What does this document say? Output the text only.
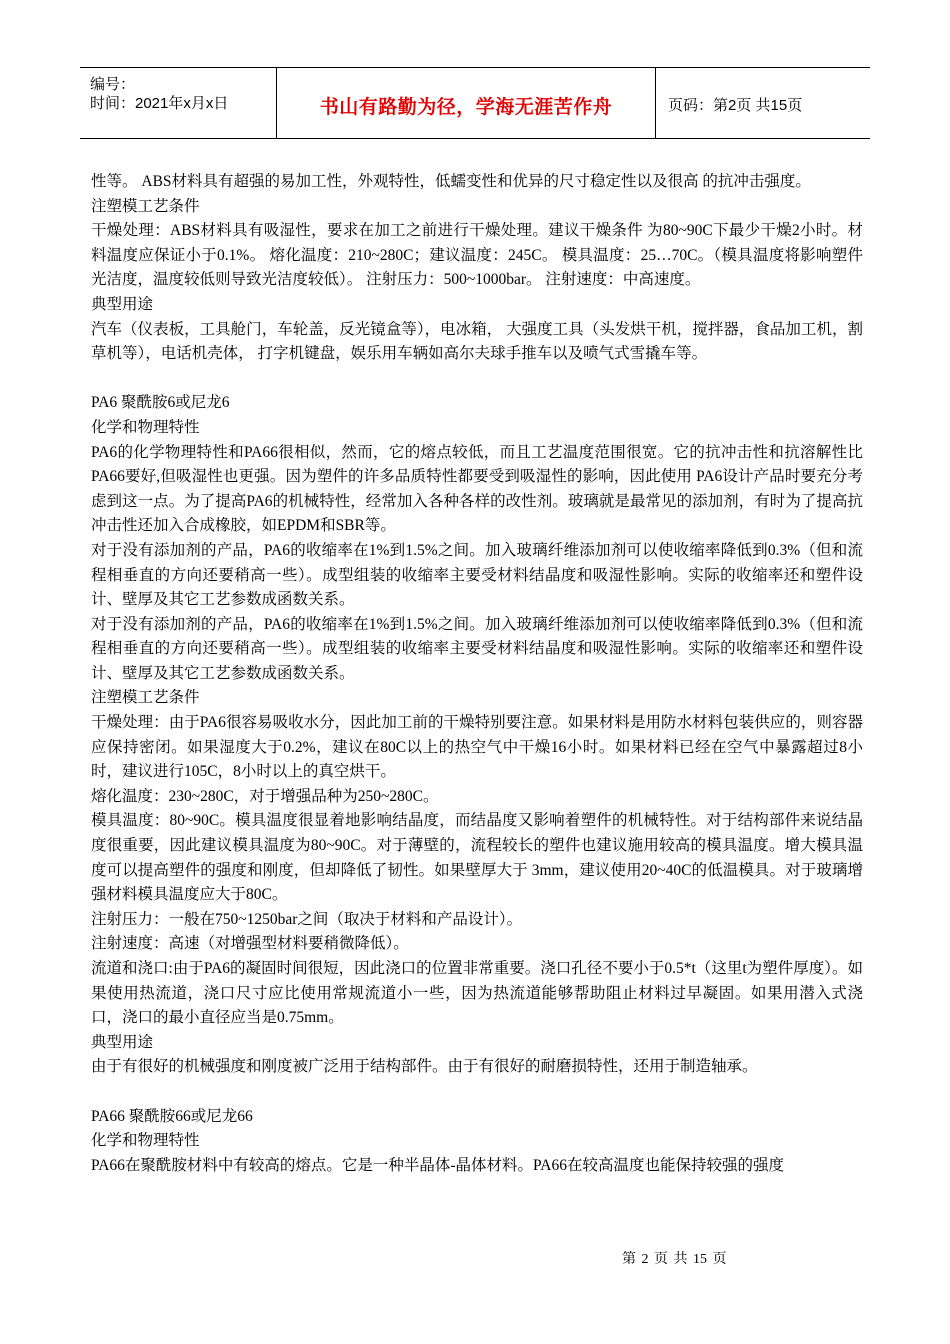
编号：
时间：2021年x月x日	书山有路勤为径，学海无涯苦作舟	页码：第2页 共15页

性等。 ABS材料具有超强的易加工性，外观特性，低蠕变性和优异的尺寸稳定性以及很高 的抗冲击强度。

注塑模工艺条件

干燥处理：ABS材料具有吸湿性，要求在加工之前进行干燥处理。建议干燥条件 为80~90C下最少干燥2小时。材料温度应保证小于0.1%。 熔化温度：210~280C；建议温度：245C。 模具温度：25…70C。（模具温度将影响塑件光洁度，温度较低则导致光洁度较低）。 注射压力：500~1000bar。 注射速度：中高速度。

典型用途

汽车（仪表板，工具舱门，车轮盖，反光镜盒等），电冰箱， 大强度工具（头发烘干机，搅拌器，食品加工机，割草机等），电话机壳体， 打字机键盘，娱乐用车辆如高尔夫球手推车以及喷气式雪撬车等。

PA6 聚酰胺6或尼龙6

化学和物理特性

PA6的化学物理特性和PA66很相似，然而，它的熔点较低，而且工艺温度范围很宽。它的抗冲击性和抗溶解性比PA66要好,但吸湿性也更强。因为塑件的许多品质特性都要受到吸湿性的影响，因此使用 PA6设计产品时要充分考虑到这一点。为了提高PA6的机械特性，经常加入各种各样的改性剂。玻璃就是最常见的添加剂，有时为了提高抗冲击性还加入合成橡胶，如EPDM和SBR等。

对于没有添加剂的产品，PA6的收缩率在1%到1.5%之间。加入玻璃纤维添加剂可以使收缩率降低到0.3%（但和流程相垂直的方向还要稍高一些）。成型组装的收缩率主要受材料结晶度和吸湿性影响。实际的收缩率还和塑件设计、壁厚及其它工艺参数成函数关系。

对于没有添加剂的产品，PA6的收缩率在1%到1.5%之间。加入玻璃纤维添加剂可以使收缩率降低到0.3%（但和流程相垂直的方向还要稍高一些）。成型组装的收缩率主要受材料结晶度和吸湿性影响。实际的收缩率还和塑件设计、壁厚及其它工艺参数成函数关系。

注塑模工艺条件

干燥处理：由于PA6很容易吸收水分，因此加工前的干燥特别要注意。如果材料是用防水材料包装供应的，则容器应保持密闭。如果湿度大于0.2%，建议在80C以上的热空气中干燥16小时。如果材料已经在空气中暴露超过8小时，建议进行105C，8小时以上的真空烘干。

熔化温度：230~280C，对于增强品种为250~280C。

模具温度：80~90C。模具温度很显着地影响结晶度，而结晶度又影响着塑件的机械特性。对于结构部件来说结晶度很重要，因此建议模具温度为80~90C。对于薄壁的，流程较长的塑件也建议施用较高的模具温度。增大模具温度可以提高塑件的强度和刚度，但却降低了韧性。如果壁厚大于 3mm，建议使用20~40C的低温模具。对于玻璃增强材料模具温度应大于80C。

注射压力：一般在750~1250bar之间（取决于材料和产品设计）。

注射速度：高速（对增强型材料要稍微降低）。

流道和浇口:由于PA6的凝固时间很短，因此浇口的位置非常重要。浇口孔径不要小于0.5*t（这里t为塑件厚度）。如果使用热流道，浇口尺寸应比使用常规流道小一些，因为热流道能够帮助阻止材料过早凝固。如果用潜入式浇口，浇口的最小直径应当是0.75mm。

典型用途

由于有很好的机械强度和刚度被广泛用于结构部件。由于有很好的耐磨损特性，还用于制造轴承。

PA66 聚酰胺66或尼龙66

化学和物理特性

PA66在聚酰胺材料中有较高的熔点。它是一种半晶体-晶体材料。PA66在较高温度也能保持较强的强度

第 2 页 共 15 页
